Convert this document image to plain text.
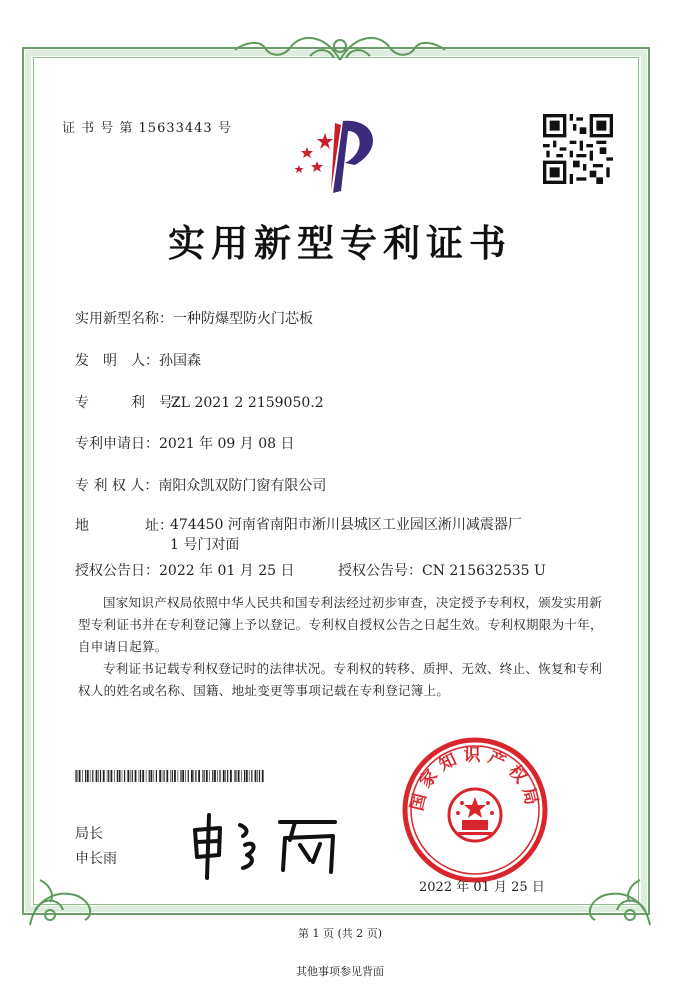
证 书 号 第 15633443 号
实用新型专利证书
实用新型名称：一种防爆型防火门芯板
发　明　人：孙国森
专　　　利　号：ZL 2021 2 2159050.2
专利申请日：2021 年 09 月 08 日
专 利 权 人：南阳众凯双防门窗有限公司
地　　　　址：
474450 河南省南阳市淅川县城区工业园区淅川减震器厂 1 号门对面
授权公告日：2022 年 01 月 25 日	授权公告号：CN 215632535 U
国家知识产权局依照中华人民共和国专利法经过初步审查，决定授予专利权，颁发实用新型专利证书并在专利登记簿上予以登记。专利权自授权公告之日起生效。专利权期限为十年，自申请日起算。
专利证书记载专利权登记时的法律状况。专利权的转移、质押、无效、终止、恢复和专利权人的姓名或名称、国籍、地址变更等事项记载在专利登记簿上。
局长
申长雨
国家知识产权局
2022 年 01 月 25 日
第 1 页 (共 2 页)
其他事项参见背面
